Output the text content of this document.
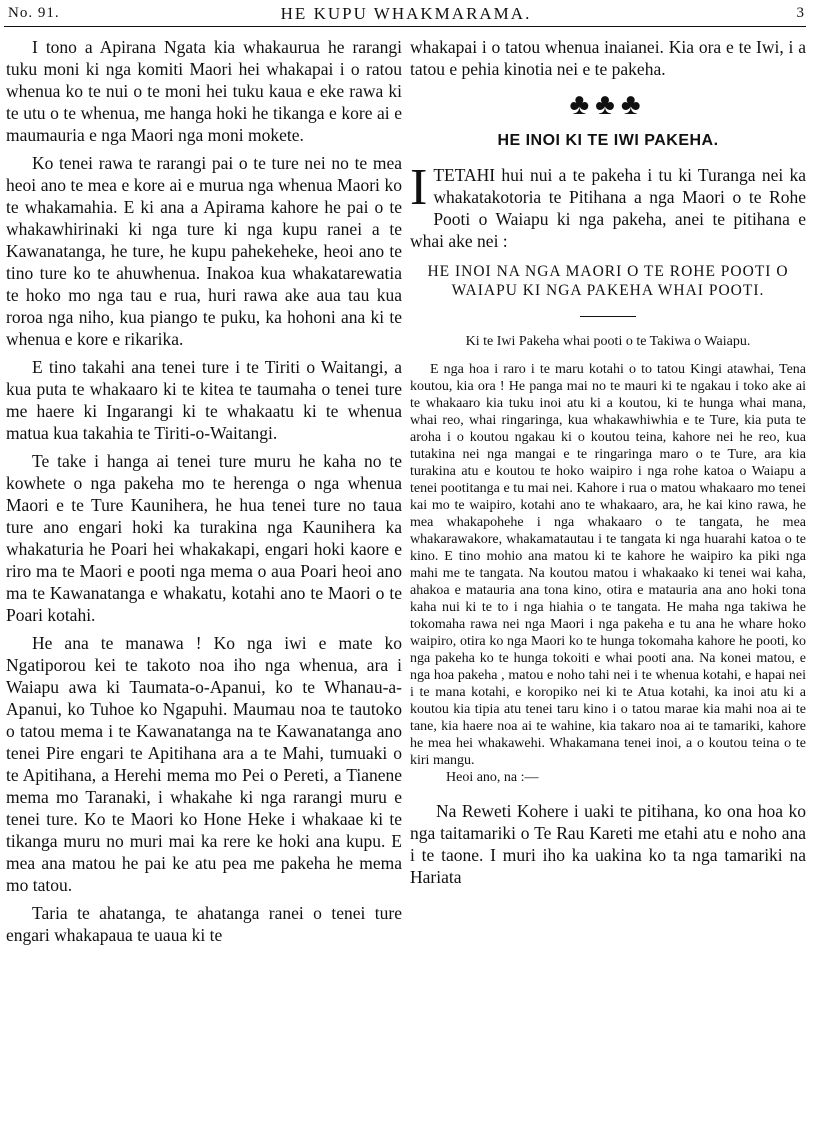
No. 91.	HE KUPU WHAKMARAMA.	3

I tono a Apirana Ngata kia whakaurua he rarangi tuku moni ki nga komiti Maori hei whakapai i o ratou whenua ko te nui o te moni hei tuku kaua e eke rawa ki te utu o te whenua, me hanga hoki he tikanga e kore ai e maumauria e nga Maori nga moni mokete.

Ko tenei rawa te rarangi pai o te ture nei no te mea heoi ano te mea e kore ai e murua nga whenua Maori ko te whakamahia. E ki ana a Apirama kahore he pai o te whakawhirinaki ki nga ture ki nga kupu ranei a te Kawanatanga, he ture, he kupu pahekeheke, heoi ano te tino ture ko te ahuwhenua. Inakoa kua whakatarewatia te hoko mo nga tau e rua, huri rawa ake aua tau kua roroa nga niho, kua piango te puku, ka hohoni ana ki te whenua e kore e rikarika.

E tino takahi ana tenei ture i te Tiriti o Waitangi, a kua puta te whakaaro ki te kitea te taumaha o tenei ture me haere ki Ingarangi ki te whakaatu ki te whenua matua kua takahia te Tiriti-o-Waitangi.

Te take i hanga ai tenei ture muru he kaha no te kowhete o nga pakeha mo te herenga o nga whenua Maori e te Ture Kaunihera, he hua tenei ture no taua ture ano engari hoki ka turakina nga Kaunihera ka whakaturia he Poari hei whakakapi, engari hoki kaore e riro ma te Maori e pooti nga mema o aua Poari heoi ano ma te Kawanatanga e whakatu, kotahi ano te Maori o te Poari kotahi.

He ana te manawa ! Ko nga iwi e mate ko Ngatiporou kei te takoto noa iho nga whenua, ara i Waiapu awa ki Taumata-o-Apanui, ko te Whanau-a-Apanui, ko Tuhoe ko Ngapuhi. Maumau noa te tautoko o tatou mema i te Kawanatanga na te Kawanatanga ano tenei Pire engari te Apitihana ara a te Mahi, tumuaki o te Apitihana, a Herehi mema mo Pei o Pereti, a Tianene mema mo Taranaki, i whakahe ki nga rarangi muru e tenei ture. Ko te Maori ko Hone Heke i whakaae ki te tikanga muru no muri mai ka rere ke hoki ana kupu. E mea ana matou he pai ke atu pea me pakeha he mema mo tatou.

Taria te ahatanga, te ahatanga ranei o tenei ture engari whakapaua te uaua ki te

whakapai i o tatou whenua inaianei. Kia ora e te Iwi, i a tatou e pehia kinotia nei e te pakeha.

♣♣♣
HE INOI KI TE IWI PAKEHA.

I TETAHI hui nui a te pakeha i tu ki Turanga nei ka whakatakotoria te Pitihana a nga Maori o te Rohe Pooti o Waiapu ki nga pakeha, anei te pitihana e whai ake nei :

HE INOI NA NGA MAORI O TE ROHE POOTI O WAIAPU KI NGA PAKEHA WHAI POOTI.
Ki te Iwi Pakeha whai pooti o te Takiwa o Waiapu.

E nga hoa i raro i te maru kotahi o to tatou Kingi atawhai, Tena koutou, kia ora ! He panga mai no te mauri ki te ngakau i toko ake ai te whakaaro kia tuku inoi atu ki a koutou, ki te hunga whai mana, whai reo, whai ringaringa, kua whakawhiwhia e te Ture, kia puta te aroha i o koutou ngakau ki o koutou teina, kahore nei he reo, kua tutakina nei nga mangai e te ringaringa maro o te Ture, ara kia turakina atu e koutou te hoko waipiro i nga rohe katoa o Waiapu a tenei pootitanga e tu mai nei. Kahore i rua o matou whakaaro mo tenei kai mo te waipiro, kotahi ano te whakaaro, ara, he kai kino rawa, he mea whakapohehe i nga whakaaro o te tangata, he mea whakarawakore, whakamatautau i te tangata ki nga huarahi katoa o te kino. E tino mohio ana matou ki te kahore he waipiro ka piki nga mahi me te tangata. Na koutou matou i whakaako ki tenei wai kaha, ahakoa e matauria ana tona kino, otira e matauria ana ano hoki tona kaha nui ki te to i nga hiahia o te tangata. He maha nga takiwa he tokomaha rawa nei nga Maori i nga pakeha e tu ana he whare hoko waipiro, otira ko nga Maori ko te hunga tokomaha kahore he pooti, ko nga pakeha ko te hunga tokoiti e whai pooti ana. Na konei matou, e nga hoa pakeha , matou e noho tahi nei i te whenua kotahi, e hapai nei i te mana kotahi, e koropiko nei ki te Atua kotahi, ka inoi atu ki a koutou kia tipia atu tenei taru kino i o tatou marae kia mahi noa ai te tane, kia haere noa ai te wahine, kia takaro noa ai te tamariki, kahore he mea hei whakawehi. Whakamana tenei inoi, a o koutou teina o te kiri mangu.

Heoi ano, na :—

Na Reweti Kohere i uaki te pitihana, ko ona hoa ko nga taitamariki o Te Rau Kareti me etahi atu e noho ana i te taone. I muri iho ka uakina ko ta nga tamariki na Hariata
